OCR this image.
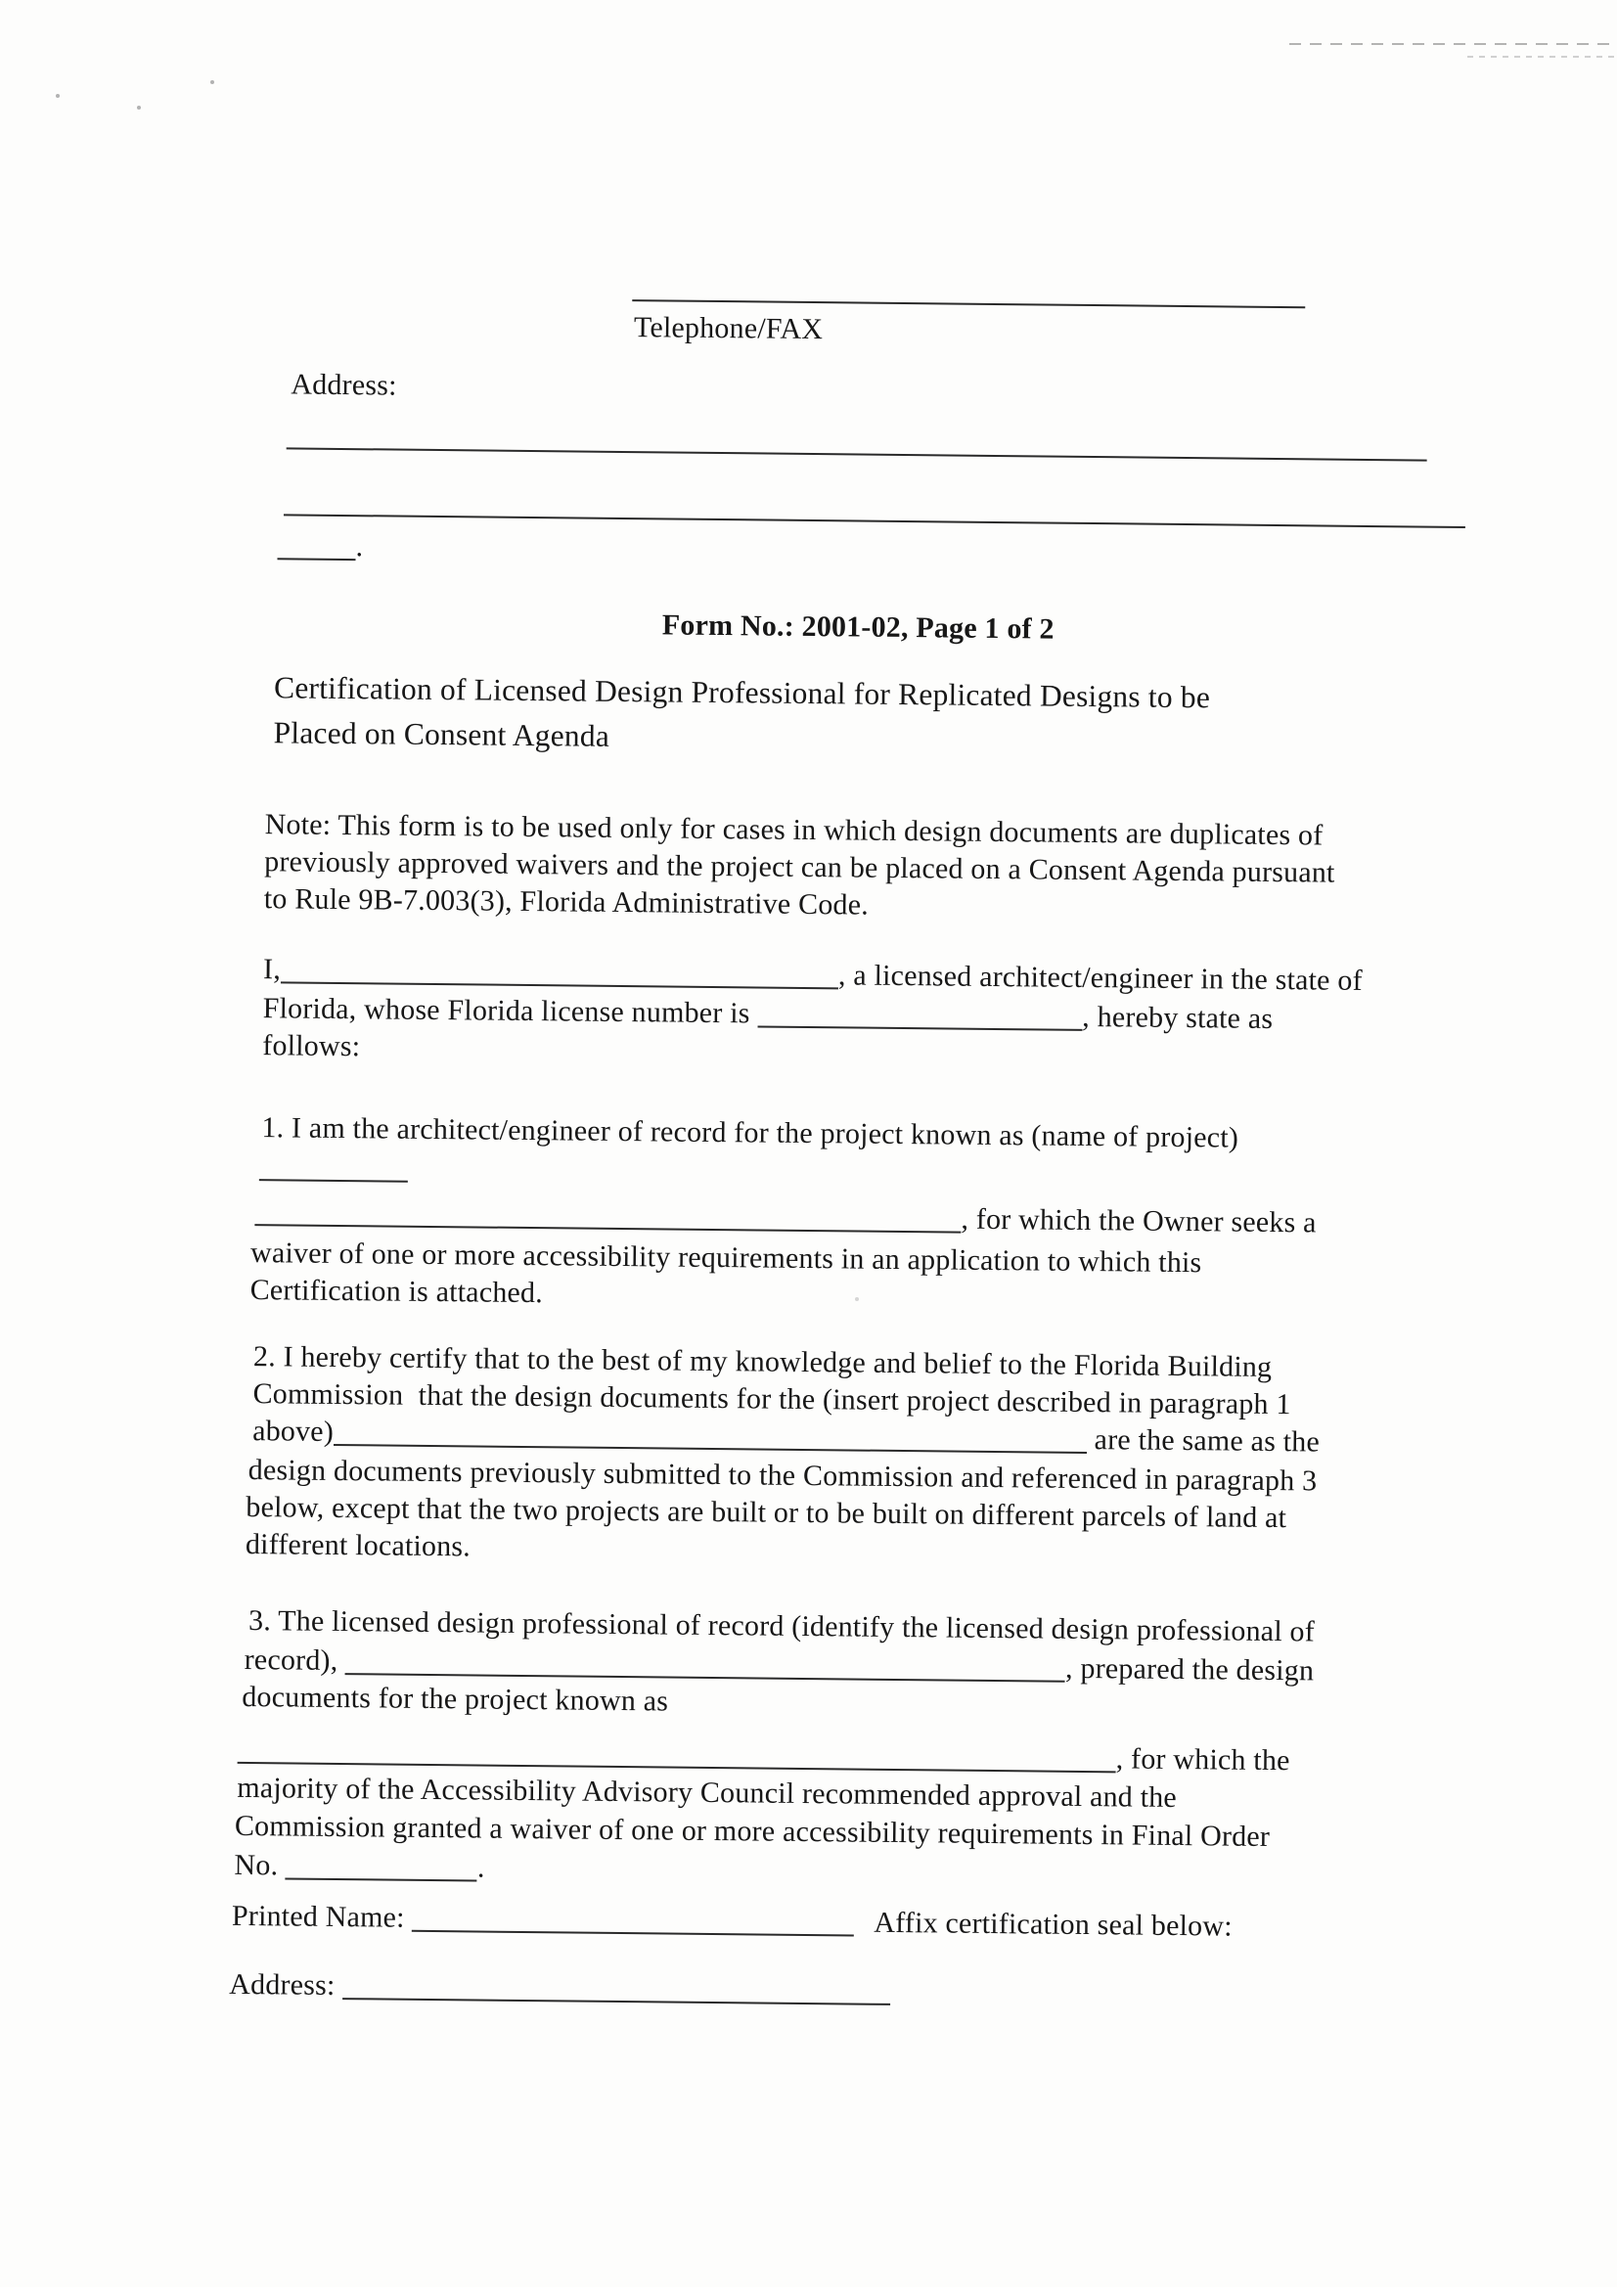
Telephone/FAX
Address:
.
Form No.: 2001-02, Page 1 of 2
Certification of Licensed Design Professional for Replicated Designs to be
Placed on Consent Agenda
Note: This form is to be used only for cases in which design documents are duplicates of
previously approved waivers and the project can be placed on a Consent Agenda pursuant
to Rule 9B-7.003(3), Florida Administrative Code.
I,	, a licensed architect/engineer in the state of
Florida, whose Florida license number is	, hereby state as
follows:
1. I am the architect/engineer of record for the project known as (name of project)
, for which the Owner seeks a
waiver of one or more accessibility requirements in an application to which this
Certification is attached.
2. I hereby certify that to the best of my knowledge and belief to the Florida Building
Commission  that the design documents for the (insert project described in paragraph 1
above)	are the same as the
design documents previously submitted to the Commission and referenced in paragraph 3
below, except that the two projects are built or to be built on different parcels of land at
different locations.
3. The licensed design professional of record (identify the licensed design professional of
record),	, prepared the design
documents for the project known as
, for which the
majority of the Accessibility Advisory Council recommended approval and the
Commission granted a waiver of one or more accessibility requirements in Final Order
No.	.
Printed Name:	Affix certification seal below:
Address:
